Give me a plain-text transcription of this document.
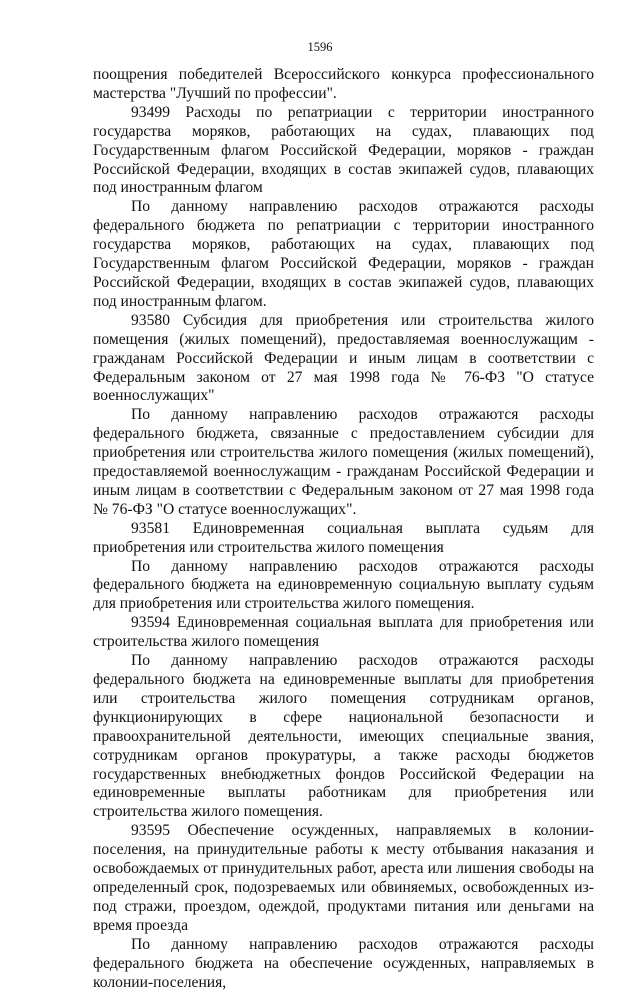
1596

поощрения победителей Всероссийского конкурса профессионального мастерства "Лучший по профессии".

93499 Расходы по репатриации с территории иностранного государства моряков, работающих на судах, плавающих под Государственным флагом Российской Федерации, моряков - граждан Российской Федерации, входящих в состав экипажей судов, плавающих под иностранным флагом

По данному направлению расходов отражаются расходы федерального бюджета по репатриации с территории иностранного государства моряков, работающих на судах, плавающих под Государственным флагом Российской Федерации, моряков - граждан Российской Федерации, входящих в состав экипажей судов, плавающих под иностранным флагом.

93580 Субсидия для приобретения или строительства жилого помещения (жилых помещений), предоставляемая военнослужащим - гражданам Российской Федерации и иным лицам в соответствии с Федеральным законом от 27 мая 1998 года № 76-ФЗ "О статусе военнослужащих"

По данному направлению расходов отражаются расходы федерального бюджета, связанные с предоставлением субсидии для приобретения или строительства жилого помещения (жилых помещений), предоставляемой военнослужащим - гражданам Российской Федерации и иным лицам в соответствии с Федеральным законом от 27 мая 1998 года № 76-ФЗ "О статусе военнослужащих".

93581 Единовременная социальная выплата судьям для приобретения или строительства жилого помещения

По данному направлению расходов отражаются расходы федерального бюджета на единовременную социальную выплату судьям для приобретения или строительства жилого помещения.

93594 Единовременная социальная выплата для приобретения или строительства жилого помещения

По данному направлению расходов отражаются расходы федерального бюджета на единовременные выплаты для приобретения или строительства жилого помещения сотрудникам органов, функционирующих в сфере национальной безопасности и правоохранительной деятельности, имеющих специальные звания, сотрудникам органов прокуратуры, а также расходы бюджетов государственных внебюджетных фондов Российской Федерации на единовременные выплаты работникам для приобретения или строительства жилого помещения.

93595 Обеспечение осужденных, направляемых в колонии-поселения, на принудительные работы к месту отбывания наказания и освобождаемых от принудительных работ, ареста или лишения свободы на определенный срок, подозреваемых или обвиняемых, освобожденных из-под стражи, проездом, одеждой, продуктами питания или деньгами на время проезда

По данному направлению расходов отражаются расходы федерального бюджета на обеспечение осужденных, направляемых в колонии-поселения,
